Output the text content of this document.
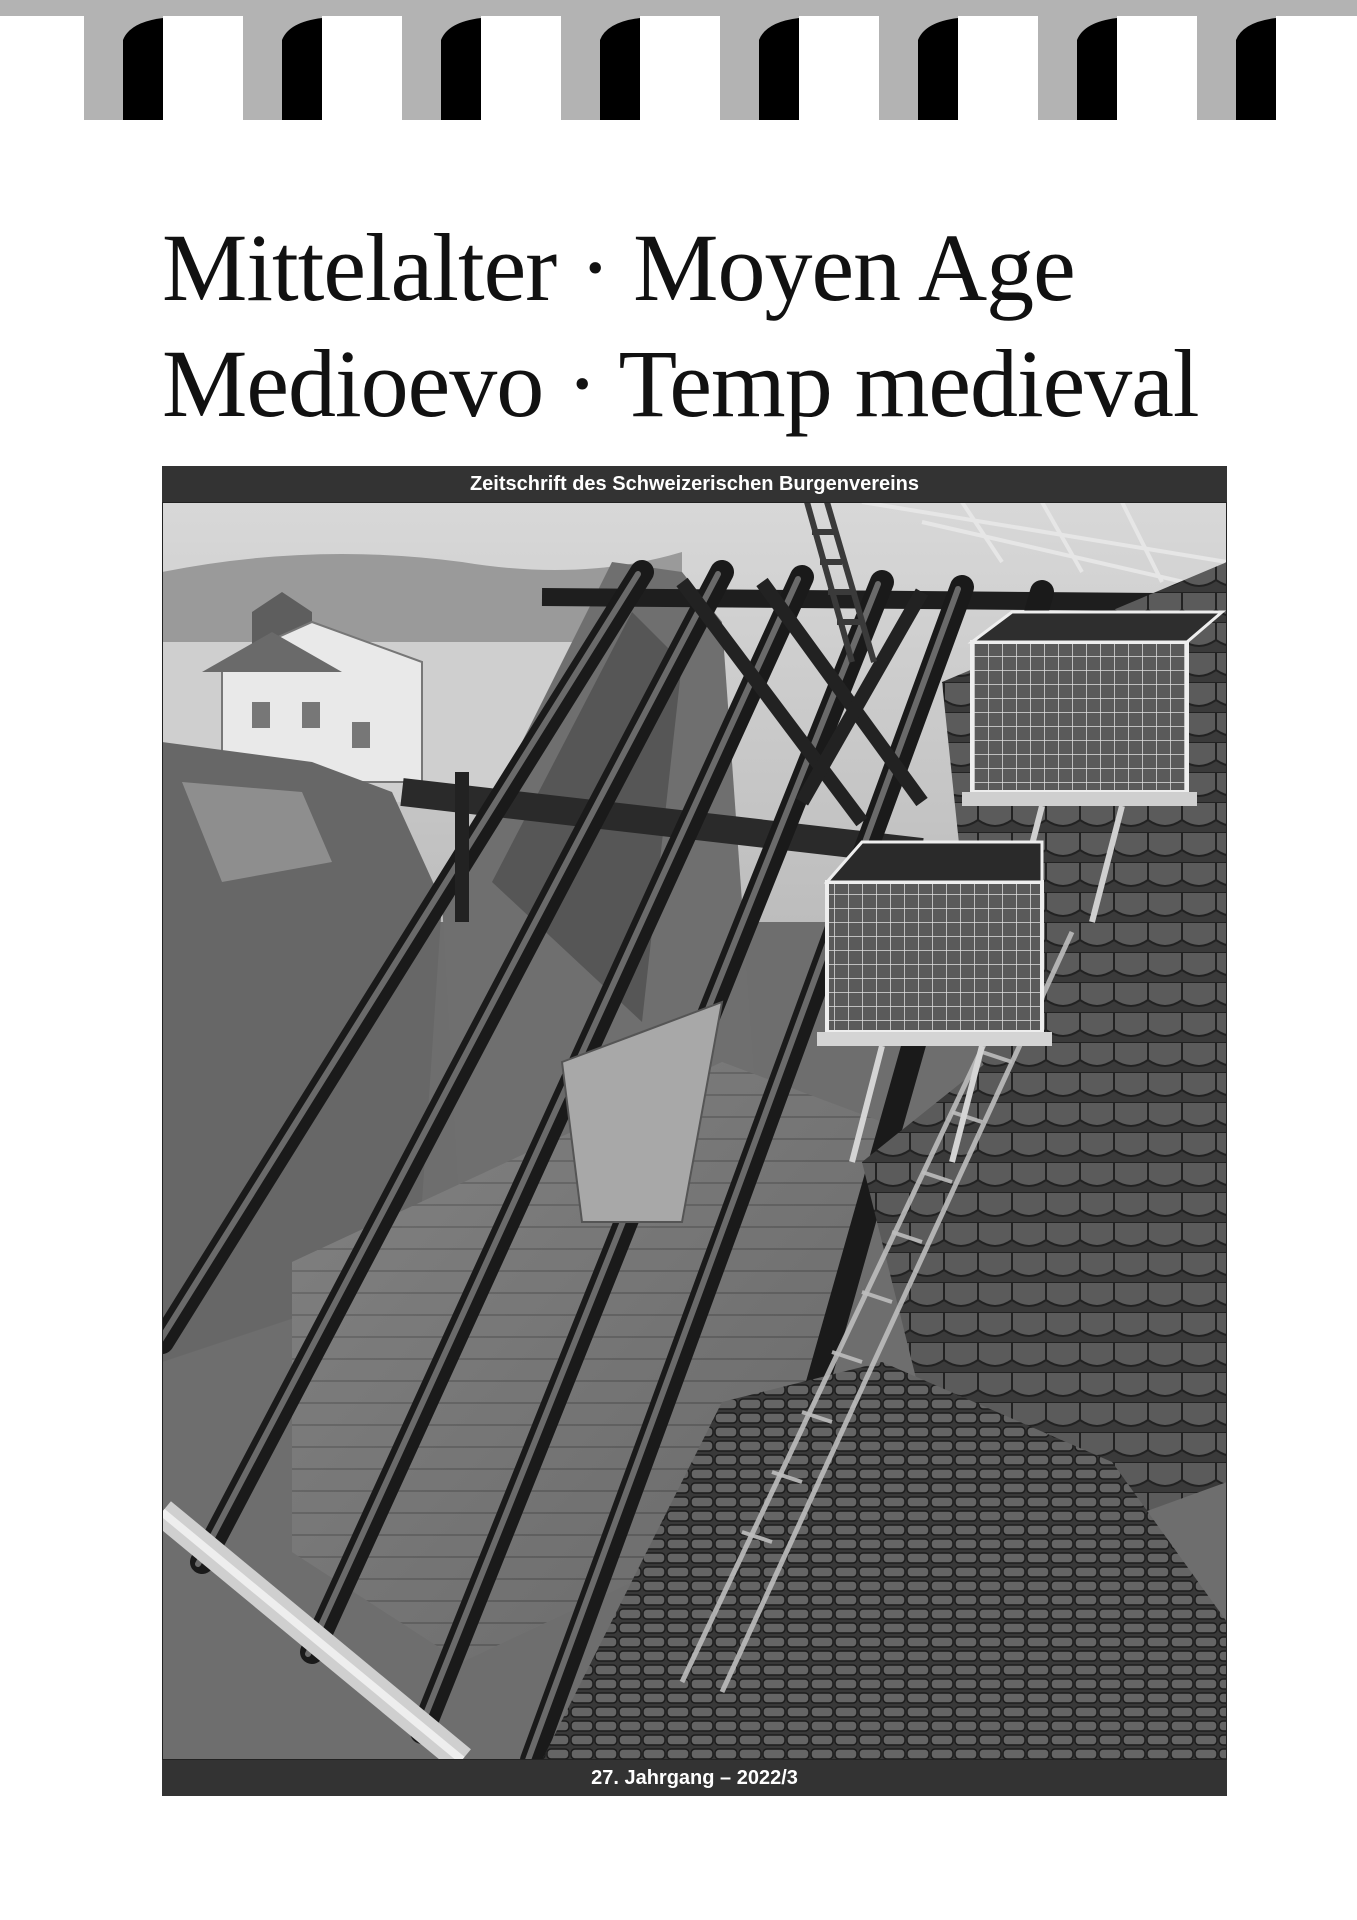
Mittelalter · Moyen Age
Medioevo · Temp medieval
Zeitschrift des Schweizerischen Burgenvereins
27. Jahrgang – 2022/3
